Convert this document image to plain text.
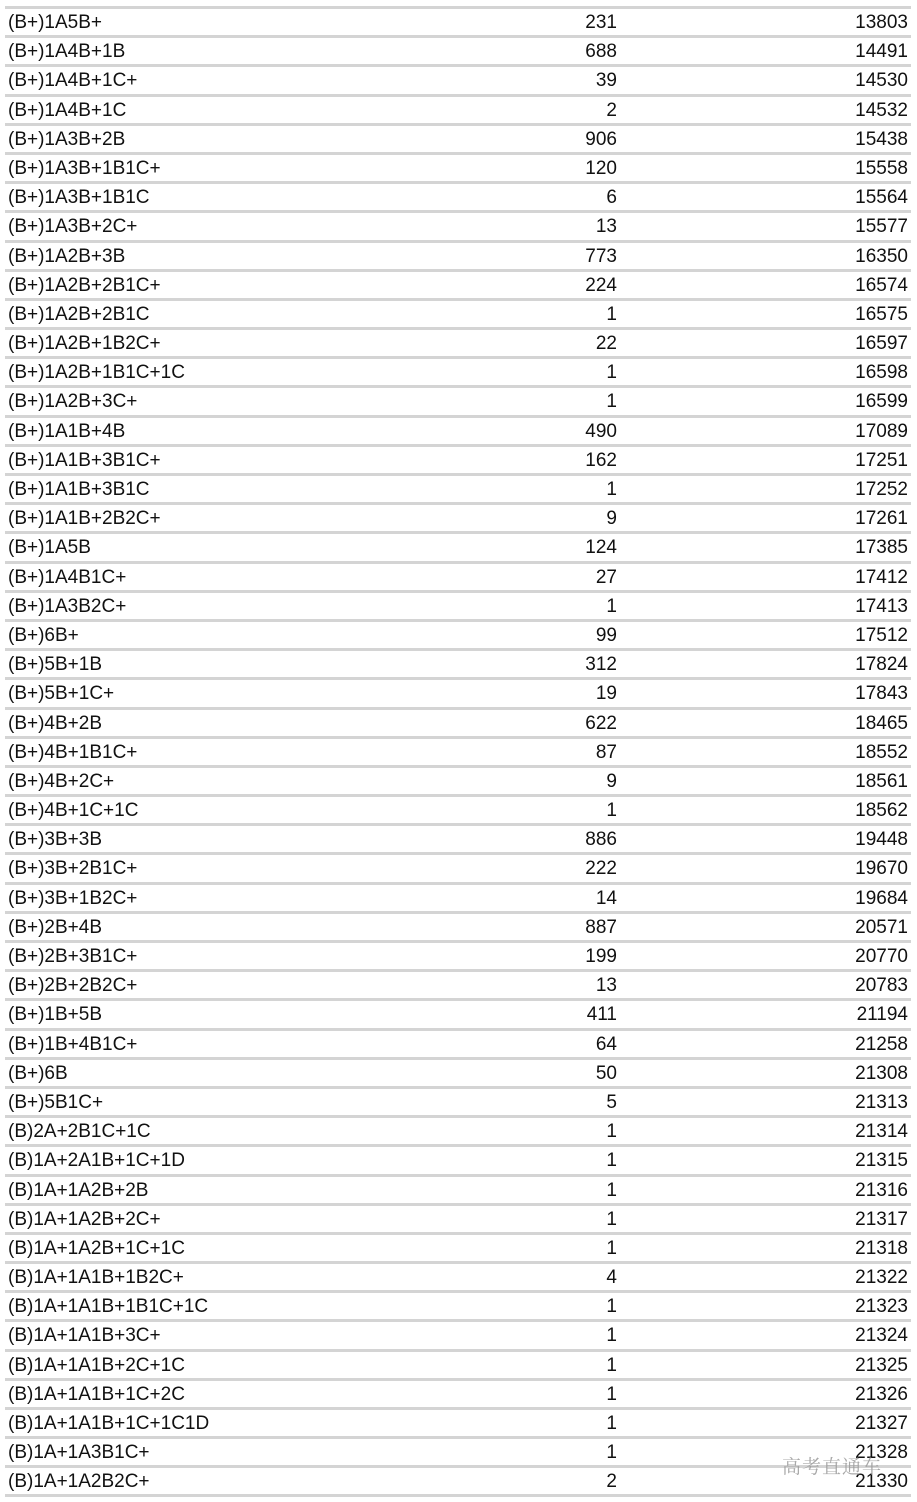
(B+)1A5B+	231	13803
(B+)1A4B+1B	688	14491
(B+)1A4B+1C+	39	14530
(B+)1A4B+1C	2	14532
(B+)1A3B+2B	906	15438
(B+)1A3B+1B1C+	120	15558
(B+)1A3B+1B1C	6	15564
(B+)1A3B+2C+	13	15577
(B+)1A2B+3B	773	16350
(B+)1A2B+2B1C+	224	16574
(B+)1A2B+2B1C	1	16575
(B+)1A2B+1B2C+	22	16597
(B+)1A2B+1B1C+1C	1	16598
(B+)1A2B+3C+	1	16599
(B+)1A1B+4B	490	17089
(B+)1A1B+3B1C+	162	17251
(B+)1A1B+3B1C	1	17252
(B+)1A1B+2B2C+	9	17261
(B+)1A5B	124	17385
(B+)1A4B1C+	27	17412
(B+)1A3B2C+	1	17413
(B+)6B+	99	17512
(B+)5B+1B	312	17824
(B+)5B+1C+	19	17843
(B+)4B+2B	622	18465
(B+)4B+1B1C+	87	18552
(B+)4B+2C+	9	18561
(B+)4B+1C+1C	1	18562
(B+)3B+3B	886	19448
(B+)3B+2B1C+	222	19670
(B+)3B+1B2C+	14	19684
(B+)2B+4B	887	20571
(B+)2B+3B1C+	199	20770
(B+)2B+2B2C+	13	20783
(B+)1B+5B	411	21194
(B+)1B+4B1C+	64	21258
(B+)6B	50	21308
(B+)5B1C+	5	21313
(B)2A+2B1C+1C	1	21314
(B)1A+2A1B+1C+1D	1	21315
(B)1A+1A2B+2B	1	21316
(B)1A+1A2B+2C+	1	21317
(B)1A+1A2B+1C+1C	1	21318
(B)1A+1A1B+1B2C+	4	21322
(B)1A+1A1B+1B1C+1C	1	21323
(B)1A+1A1B+3C+	1	21324
(B)1A+1A1B+2C+1C	1	21325
(B)1A+1A1B+1C+2C	1	21326
(B)1A+1A1B+1C+1C1D	1	21327
(B)1A+1A3B1C+	1	21328
(B)1A+1A2B2C+	2	21330
高考直通车
